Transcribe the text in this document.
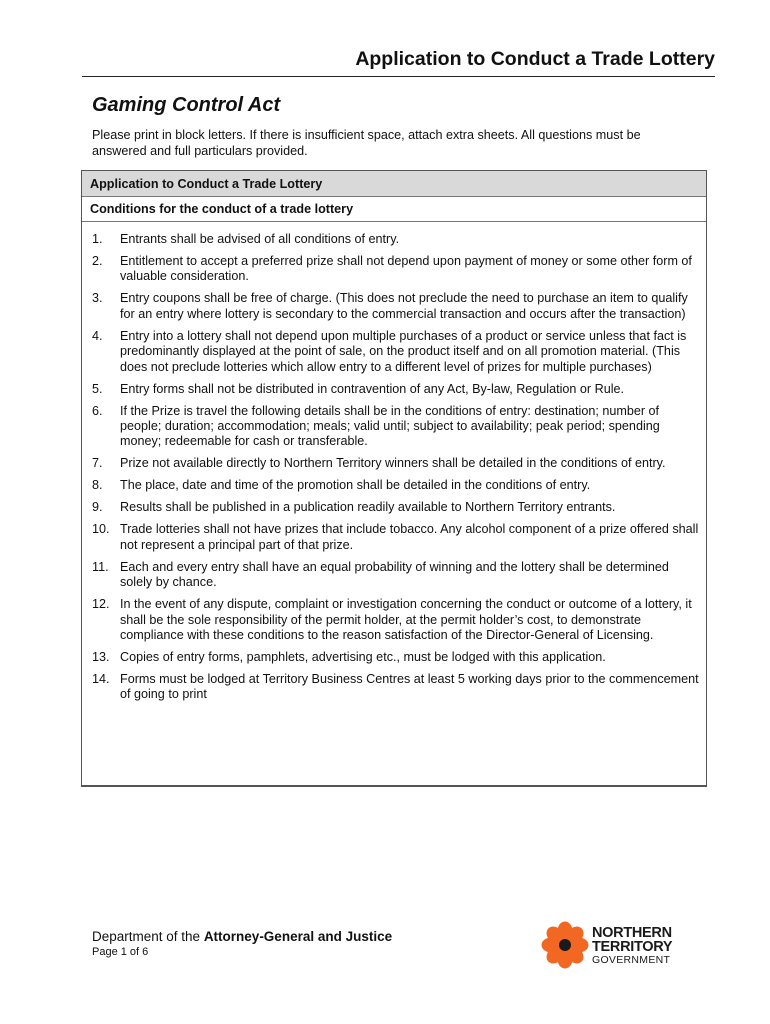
Application to Conduct a Trade Lottery
Gaming Control Act
Please print in block letters. If there is insufficient space, attach extra sheets. All questions must be answered and full particulars provided.
Application to Conduct a Trade Lottery
Conditions for the conduct of a trade lottery
1.	Entrants shall be advised of all conditions of entry.
2.	Entitlement to accept a preferred prize shall not depend upon payment of money or some other form of valuable consideration.
3.	Entry coupons shall be free of charge. (This does not preclude the need to purchase an item to qualify for an entry where lottery is secondary to the commercial transaction and occurs after the transaction)
4.	Entry into a lottery shall not depend upon multiple purchases of a product or service unless that fact is predominantly displayed at the point of sale, on the product itself and on all promotion material. (This does not preclude lotteries which allow entry to a different level of prizes for multiple purchases)
5.	Entry forms shall not be distributed in contravention of any Act, By-law, Regulation or Rule.
6.	If the Prize is travel the following details shall be in the conditions of entry: destination; number of people; duration; accommodation; meals; valid until; subject to availability; peak period; spending money; redeemable for cash or transferable.
7.	Prize not available directly to Northern Territory winners shall be detailed in the conditions of entry.
8.	The place, date and time of the promotion shall be detailed in the conditions of entry.
9.	Results shall be published in a publication readily available to Northern Territory entrants.
10. Trade lotteries shall not have prizes that include tobacco. Any alcohol component of a prize offered shall not represent a principal part of that prize.
11. Each and every entry shall have an equal probability of winning and the lottery shall be determined solely by chance.
12. In the event of any dispute, complaint or investigation concerning the conduct or outcome of a lottery, it shall be the sole responsibility of the permit holder, at the permit holder’s cost, to demonstrate compliance with these conditions to the reason satisfaction of the Director-General of Licensing.
13. Copies of entry forms, pamphlets, advertising etc., must be lodged with this application.
14. Forms must be lodged at Territory Business Centres at least 5 working days prior to the commencement of going to print
Department of the Attorney-General and Justice
Page 1 of 6
NORTHERN
TERRITORY
GOVERNMENT
